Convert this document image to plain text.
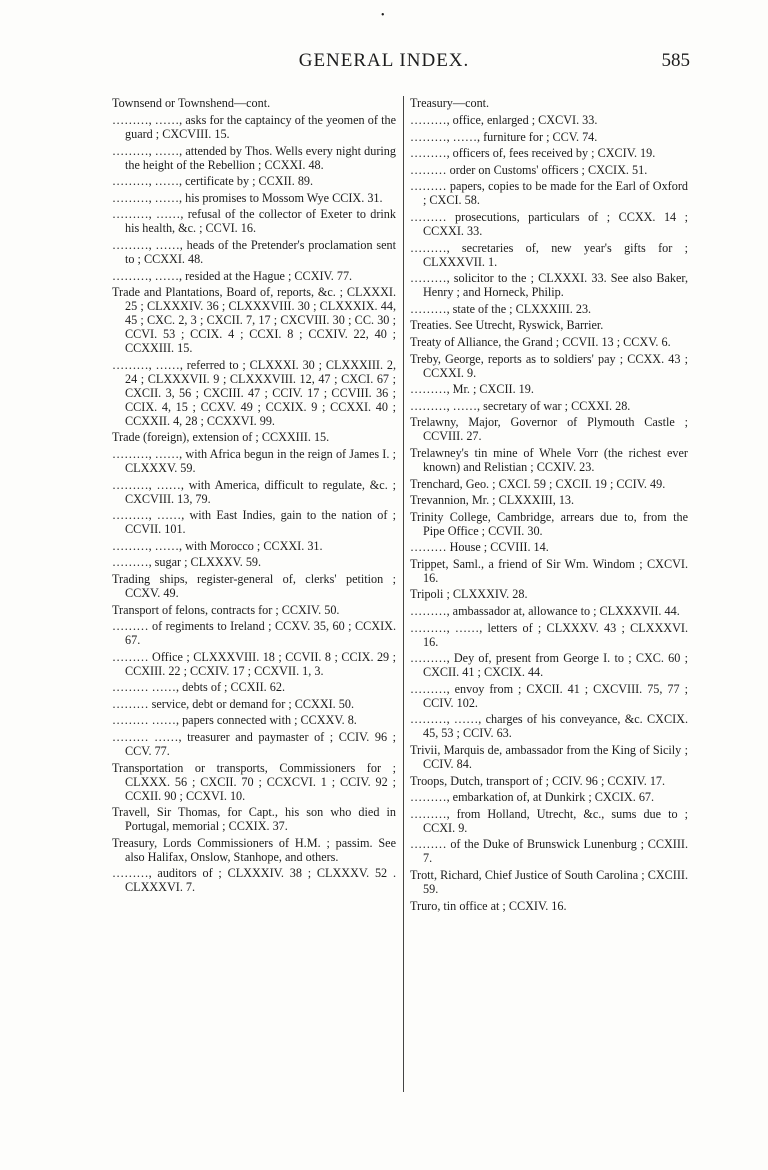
•
GENERAL INDEX.	585
Townsend or Townshend—cont.
………, ……, asks for the captaincy of the yeomen of the guard ; CXCVIII. 15.
………, ……, attended by Thos. Wells every night during the height of the Rebellion ; CCXXI. 48.
………, ……, certificate by ; CCXII. 89.
………, ……, his promises to Mossom Wye CCIX. 31.
………, ……, refusal of the collector of Exeter to drink his health, &c. ; CCVI. 16.
………, ……, heads of the Pretender's proclamation sent to ; CCXXI. 48.
………, ……, resided at the Hague ; CCXIV. 77.
Trade and Plantations, Board of, reports, &c. ; CLXXXI. 25 ; CLXXXIV. 36 ; CLXXXVIII. 30 ; CLXXXIX. 44, 45 ; CXC. 2, 3 ; CXCII. 7, 17 ; CXCVIII. 30 ; CC. 30 ; CCVI. 53 ; CCIX. 4 ; CCXI. 8 ; CCXIV. 22, 40 ; CCXXIII. 15.
………, ……, referred to ; CLXXXI. 30 ; CLXXXIII. 2, 24 ; CLXXXVII. 9 ; CLXXXVIII. 12, 47 ; CXCI. 67 ; CXCII. 3, 56 ; CXCIII. 47 ; CCIV. 17 ; CCVIII. 36 ; CCIX. 4, 15 ; CCXV. 49 ; CCXIX. 9 ; CCXXI. 40 ; CCXXII. 4, 28 ; CCXXVI. 99.
Trade (foreign), extension of ; CCXXIII. 15.
………, ……, with Africa begun in the reign of James I. ; CLXXXV. 59.
………, ……, with America, difficult to regulate, &c. ; CXCVIII. 13, 79.
………, ……, with East Indies, gain to the nation of ; CCVII. 101.
………, ……, with Morocco ; CCXXI. 31.
………, sugar ; CLXXXV. 59.
Trading ships, register-general of, clerks' petition ; CCXV. 49.
Transport of felons, contracts for ; CCXIV. 50.
……… of regiments to Ireland ; CCXV. 35, 60 ; CCXIX. 67.
……… Office ; CLXXXVIII. 18 ; CCVII. 8 ; CCIX. 29 ; CCXIII. 22 ; CCXIV. 17 ; CCXVII. 1, 3.
……… ……, debts of ; CCXII. 62.
……… service, debt or demand for ; CCXXI. 50.
……… ……, papers connected with ; CCXXV. 8.
……… ……, treasurer and paymaster of ; CCIV. 96 ; CCV. 77.
Transportation or transports, Commissioners for ; CLXXX. 56 ; CXCII. 70 ; CCXCVI. 1 ; CCIV. 92 ; CCXII. 90 ; CCXVI. 10.
Travell, Sir Thomas, for Capt., his son who died in Portugal, memorial ; CCXIX. 37.
Treasury, Lords Commissioners of H.M. ; passim. See also Halifax, Onslow, Stanhope, and others.
………, auditors of ; CLXXXIV. 38 ; CLXXXV. 52 . CLXXXVI. 7.
Treasury—cont.
………, office, enlarged ; CXCVI. 33.
………, ……, furniture for ; CCV. 74.
………, officers of, fees received by ; CXCIV. 19.
……… order on Customs' officers ; CXCIX. 51.
……… papers, copies to be made for the Earl of Oxford ; CXCI. 58.
……… prosecutions, particulars of ; CCXX. 14 ; CCXXI. 33.
………, secretaries of, new year's gifts for ; CLXXXVII. 1.
………, solicitor to the ; CLXXXI. 33. See also Baker, Henry ; and Horneck, Philip.
………, state of the ; CLXXXIII. 23.
Treaties. See Utrecht, Ryswick, Barrier.
Treaty of Alliance, the Grand ; CCVII. 13 ; CCXV. 6.
Treby, George, reports as to soldiers' pay ; CCXX. 43 ; CCXXI. 9.
………, Mr. ; CXCII. 19.
………, ……, secretary of war ; CCXXI. 28.
Trelawny, Major, Governor of Plymouth Castle ; CCVIII. 27.
Trelawney's tin mine of Whele Vorr (the richest ever known) and Relistian ; CCXIV. 23.
Trenchard, Geo. ; CXCI. 59 ; CXCII. 19 ; CCIV. 49.
Trevannion, Mr. ; CLXXXIII, 13.
Trinity College, Cambridge, arrears due to, from the Pipe Office ; CCVII. 30.
……… House ; CCVIII. 14.
Trippet, Saml., a friend of Sir Wm. Windom ; CXCVI. 16.
Tripoli ; CLXXXIV. 28.
………, ambassador at, allowance to ; CLXXXVII. 44.
………, ……, letters of ; CLXXXV. 43 ; CLXXXVI. 16.
………, Dey of, present from George I. to ; CXC. 60 ; CXCII. 41 ; CXCIX. 44.
………, envoy from ; CXCII. 41 ; CXCVIII. 75, 77 ; CCIV. 102.
………, ……, charges of his conveyance, &c. CXCIX. 45, 53 ; CCIV. 63.
Trivii, Marquis de, ambassador from the King of Sicily ; CCIV. 84.
Troops, Dutch, transport of ; CCIV. 96 ; CCXIV. 17.
………, embarkation of, at Dunkirk ; CXCIX. 67.
………, from Holland, Utrecht, &c., sums due to ; CCXI. 9.
……… of the Duke of Brunswick Lunenburg ; CCXIII. 7.
Trott, Richard, Chief Justice of South Carolina ; CXCIII. 59.
Truro, tin office at ; CCXIV. 16.
